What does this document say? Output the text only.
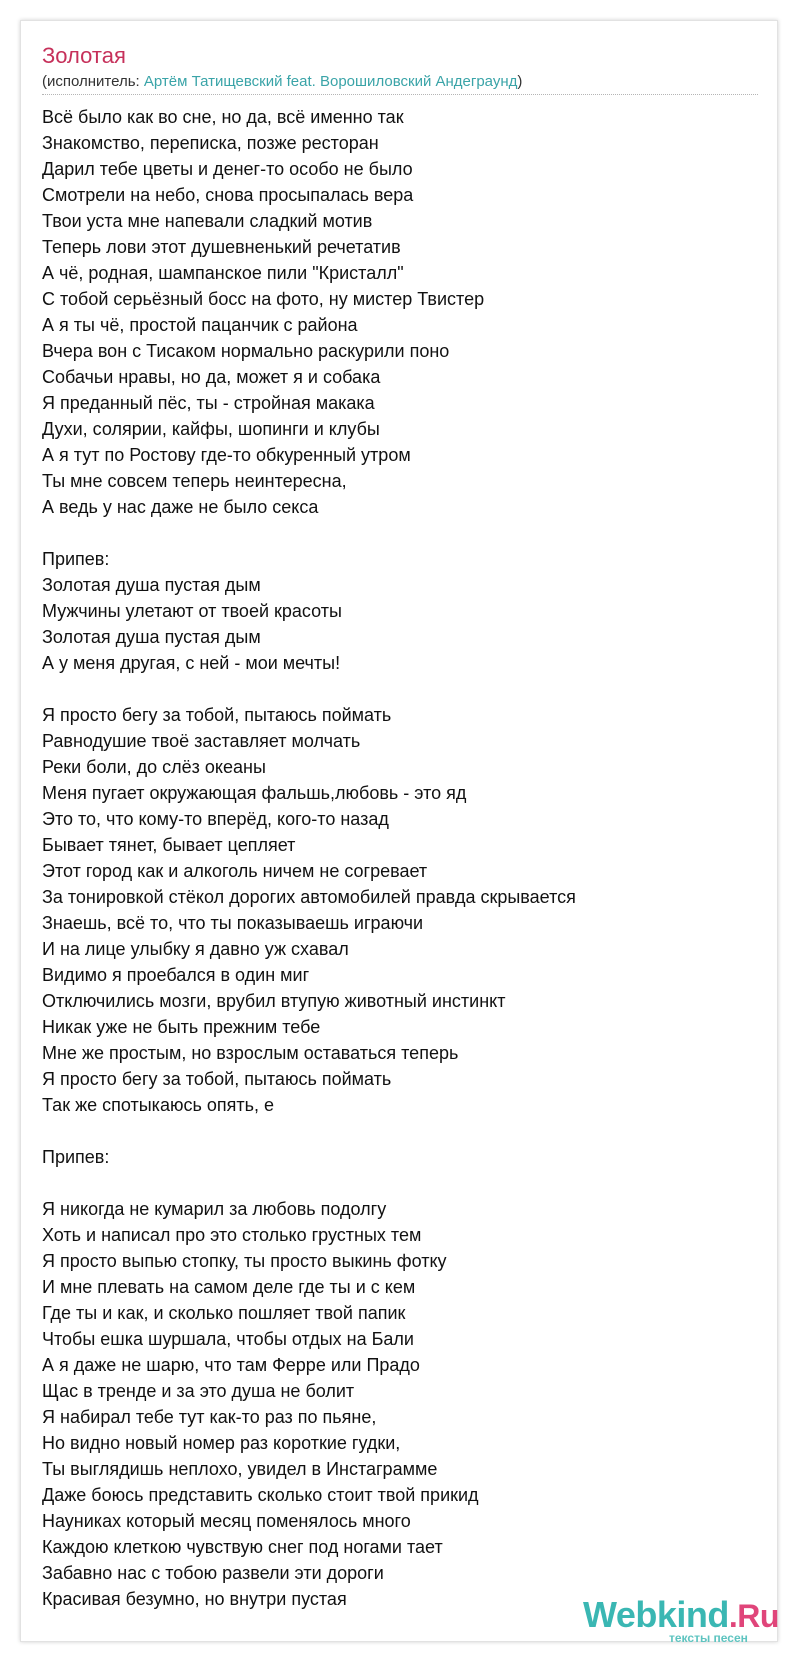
Золотая
(исполнитель: Артём Татищевский feat. Ворошиловский Андеграунд)
Всё было как во сне, но да, всё именно так
Знакомство, переписка, позже ресторан
Дарил тебе цветы и денег-то особо не было
Смотрели на небо, снова просыпалась вера
Твои уста мне напевали сладкий мотив
Теперь лови этот душевненький речетатив
А чё, родная, шампанское пили "Кристалл"
С тобой серьёзный босс на фото, ну мистер Твистер
А я ты чё, простой пацанчик с района
Вчера вон с Тисаком нормально раскурили поно
Собачьи нравы, но да, может я и собака
Я преданный пёс, ты - стройная макака
Духи, солярии, кайфы, шопинги и клубы
А я тут по Ростову где-то обкуренный утром
Ты мне совсем теперь неинтересна,
А ведь у нас даже не было секса
Припев:
Золотая душа пустая дым
Мужчины улетают от твоей красоты
Золотая душа пустая дым
А у меня другая, с ней - мои мечты!
Я просто бегу за тобой, пытаюсь поймать
Равнодушие твоё заставляет молчать
Реки боли, до слёз океаны
Меня пугает окружающая фальшь,любовь - это яд
Это то, что кому-то вперёд, кого-то назад
Бывает тянет, бывает цепляет
Этот город как и алкоголь ничем не согревает
За тонировкой стёкол дорогих автомобилей правда скрывается
Знаешь, всё то, что ты показываешь играючи
И на лице улыбку я давно уж схавал
Видимо я проебался в один миг
Отключились мозги, врубил втупую животный инстинкт
Никак уже не быть прежним тебе
Мне же простым, но взрослым оставаться теперь
Я просто бегу за тобой, пытаюсь поймать
Так же спотыкаюсь опять, е
Припев:
Я никогда не кумарил за любовь подолгу
Хоть и написал про это столько грустных тем
Я просто выпью стопку, ты просто выкинь фотку
И мне плевать на самом деле где ты и с кем
Где ты и как, и сколько пошляет твой папик
Чтобы ешка шуршала, чтобы отдых на Бали
А я даже не шарю, что там Ферре или Прадо
Щас в тренде и за это душа не болит
Я набирал тебе тут как-то раз по пьяне,
Но видно новый номер раз короткие гудки,
Ты выглядишь неплохо, увидел в Инстаграмме
Даже боюсь представить сколько стоит твой прикид
Науниках который месяц поменялось много
Каждою клеткою чувствую снег под ногами тает
Забавно нас с тобою развели эти дороги
Красивая безумно, но внутри пустая	Webkind.Ru
тексты песен
